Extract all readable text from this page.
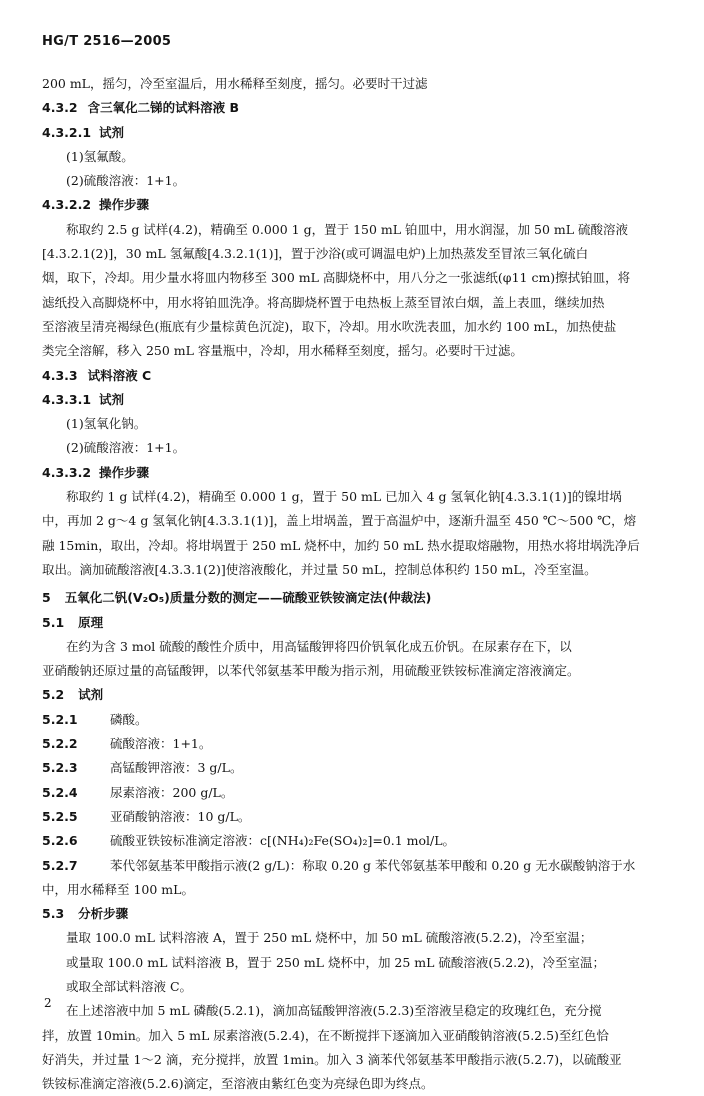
HG/T 2516—2005
200 mL，摇匀，冷至室温后，用水稀释至刻度，摇匀。必要时干过滤
4.3.2 含三氧化二锑的试料溶液 B
4.3.2.1 试剂
(1)氢氟酸。
(2)硫酸溶液：1+1。
4.3.2.2 操作步骤
称取约 2.5 g 试样(4.2)，精确至 0.000 1 g，置于 150 mL 铂皿中，用水润湿，加 50 mL 硫酸溶液
[4.3.2.1(2)]，30 mL 氢氟酸[4.3.2.1(1)]，置于沙浴(或可调温电炉)上加热蒸发至冒浓三氧化硫白
烟，取下，冷却。用少量水将皿内物移至 300 mL 高脚烧杯中，用八分之一张滤纸(φ11 cm)擦拭铂皿，将
滤纸投入高脚烧杯中，用水将铂皿洗净。将高脚烧杯置于电热板上蒸至冒浓白烟，盖上表皿，继续加热
至溶液呈清亮褐绿色(瓶底有少量棕黄色沉淀)，取下，冷却。用水吹洗表皿，加水约 100 mL，加热使盐
类完全溶解，移入 250 mL 容量瓶中，冷却，用水稀释至刻度，摇匀。必要时干过滤。
4.3.3 试料溶液 C
4.3.3.1 试剂
(1)氢氧化钠。
(2)硫酸溶液：1+1。
4.3.3.2 操作步骤
称取约 1 g 试样(4.2)，精确至 0.000 1 g，置于 50 mL 已加入 4 g 氢氧化钠[4.3.3.1(1)]的镍坩埚
中，再加 2 g～4 g 氢氧化钠[4.3.3.1(1)]，盖上坩埚盖，置于高温炉中，逐渐升温至 450 ℃～500 ℃，熔
融 15min，取出，冷却。将坩埚置于 250 mL 烧杯中，加约 50 mL 热水提取熔融物，用热水将坩埚洗净后
取出。滴加硫酸溶液[4.3.3.1(2)]使溶液酸化，并过量 50 mL，控制总体积约 150 mL，冷至室温。
5 五氧化二钒(V₂O₅)质量分数的测定——硫酸亚铁铵滴定法(仲裁法)
5.1 原理
在约为含 3 mol 硫酸的酸性介质中，用高锰酸钾将四价钒氧化成五价钒。在尿素存在下，以
亚硝酸钠还原过量的高锰酸钾，以苯代邻氨基苯甲酸为指示剂，用硫酸亚铁铵标准滴定溶液滴定。
5.2 试剂
5.2.1	磷酸。
5.2.2	硫酸溶液：1+1。
5.2.3	高锰酸钾溶液：3 g/L。
5.2.4	尿素溶液：200 g/L。
5.2.5	亚硝酸钠溶液：10 g/L。
5.2.6	硫酸亚铁铵标准滴定溶液：c[(NH₄)₂Fe(SO₄)₂]=0.1 mol/L。
5.2.7	苯代邻氨基苯甲酸指示液(2 g/L)：称取 0.20 g 苯代邻氨基苯甲酸和 0.20 g 无水碳酸钠溶于水
中，用水稀释至 100 mL。
5.3 分析步骤
量取 100.0 mL 试料溶液 A，置于 250 mL 烧杯中，加 50 mL 硫酸溶液(5.2.2)，冷至室温；
或量取 100.0 mL 试料溶液 B，置于 250 mL 烧杯中，加 25 mL 硫酸溶液(5.2.2)，冷至室温；
或取全部试料溶液 C。
在上述溶液中加 5 mL 磷酸(5.2.1)，滴加高锰酸钾溶液(5.2.3)至溶液呈稳定的玫瑰红色，充分搅
拌，放置 10min。加入 5 mL 尿素溶液(5.2.4)，在不断搅拌下逐滴加入亚硝酸钠溶液(5.2.5)至红色恰
好消失，并过量 1～2 滴，充分搅拌，放置 1min。加入 3 滴苯代邻氨基苯甲酸指示液(5.2.7)，以硫酸亚
铁铵标准滴定溶液(5.2.6)滴定，至溶液由紫红色变为亮绿色即为终点。
2
